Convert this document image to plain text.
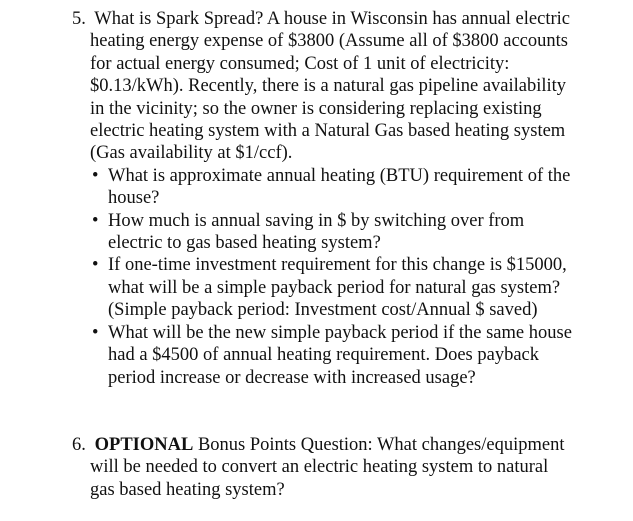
5. What is Spark Spread? A house in Wisconsin has annual electric heating energy expense of $3800 (Assume all of $3800 accounts for actual energy consumed; Cost of 1 unit of electricity: $0.13/kWh). Recently, there is a natural gas pipeline availability in the vicinity; so the owner is considering replacing existing electric heating system with a Natural Gas based heating system (Gas availability at $1/ccf).
• What is approximate annual heating (BTU) requirement of the house?
• How much is annual saving in $ by switching over from electric to gas based heating system?
• If one-time investment requirement for this change is $15000, what will be a simple payback period for natural gas system? (Simple payback period: Investment cost/Annual $ saved)
• What will be the new simple payback period if the same house had a $4500 of annual heating requirement. Does payback period increase or decrease with increased usage?
6. OPTIONAL Bonus Points Question: What changes/equipment will be needed to convert an electric heating system to natural gas based heating system?
